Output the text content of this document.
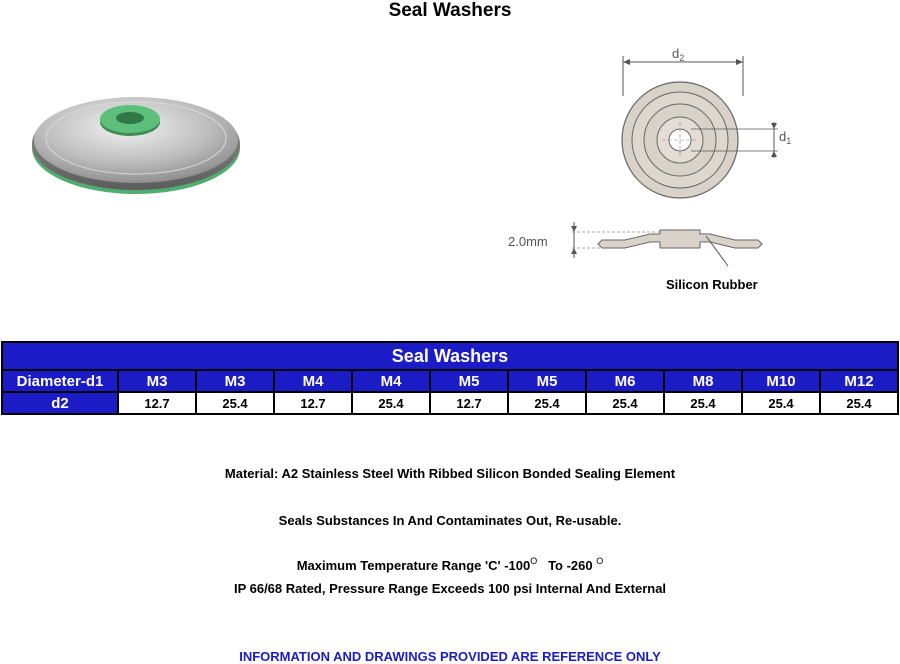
Seal Washers
$d_2$
$d_1$
2.0mm
Silicon Rubber
Seal Washers										
Diameter-d1	M3	M3	M4	M4	M5	M5	M6	M8	M10	M12
d2	12.7	25.4	12.7	25.4	12.7	25.4	25.4	25.4	25.4	25.4
Material: A2 Stainless Steel With Ribbed Silicon Bonded Sealing Element
Seals Substances In And Contaminates Out, Re-usable.
Maximum Temperature Range 'C' $-100^O$ To -260 $^O$
IP 66/68 Rated, Pressure Range Exceeds 100 psi Internal And External
INFORMATION AND DRAWINGS PROVIDED ARE REFERENCE ONLY
